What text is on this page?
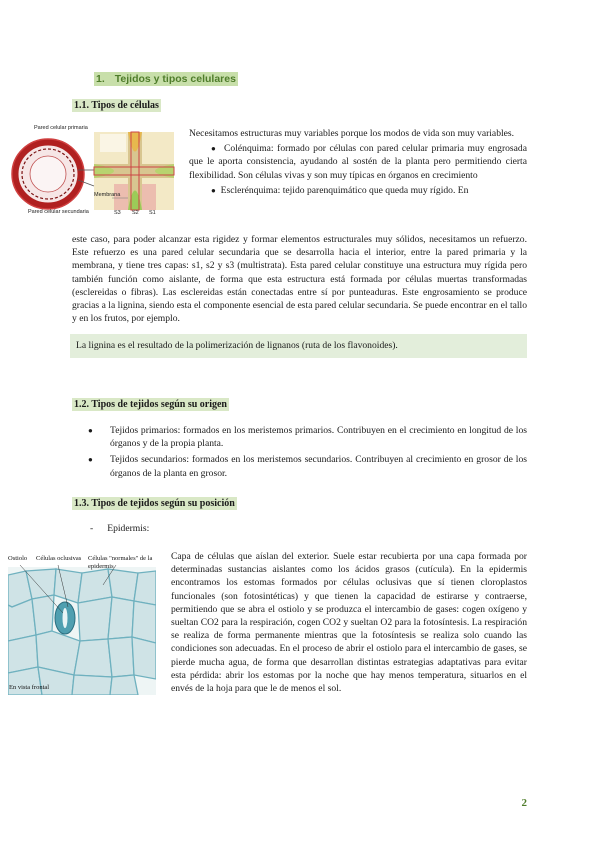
1. Tejidos y tipos celulares
1.1. Tipos de células
Pared celular primaria
Pared celular secundaria
Membrana
S3 S2 S1

Necesitamos estructuras muy variables porque los modos de vida son muy variables.

● Colénquima: formado por células con pared celular primaria muy engrosada que le aporta consistencia, ayudando al sostén de la planta pero permitiendo cierta flexibilidad. Son células vivas y son muy típicas en órganos en crecimiento

● Esclerénquima: tejido parenquimático que queda muy rígido. En

este caso, para poder alcanzar esta rigidez y formar elementos estructurales muy sólidos, necesitamos un refuerzo. Este refuerzo es una pared celular secundaria que se desarrolla hacia el interior, entre la pared primaria y la membrana, y tiene tres capas: s1, s2 y s3 (multistrata). Esta pared celular constituye una estructura muy rígida pero también función como aislante, de forma que esta estructura está formada por células muertas transformadas (esclereidas o fibras). Las esclereidas están conectadas entre sí por punteaduras. Este engrosamiento se produce gracias a la lignina, siendo esta el componente esencial de esta pared celular secundaria. Se puede encontrar en el tallo y en los frutos, por ejemplo.
La lignina es el resultado de la polimerización de lignanos (ruta de los flavonoides).
1.2. Tipos de tejidos según su origen
● Tejidos primarios: formados en los meristemos primarios. Contribuyen en el crecimiento en longitud de los órganos y de la propia planta.
● Tejidos secundarios: formados en los meristemos secundarios. Contribuyen al crecimiento en grosor de los órganos de la planta en grosor.
1.3. Tipos de tejidos según su posición
- Epidermis:
Ostiolo Células oclusivas Células "normales" de la epidermis
En vista frontal
Capa de células que aíslan del exterior. Suele estar recubierta por una capa formada por determinadas sustancias aislantes como los ácidos grasos (cutícula). En la epidermis encontramos los estomas formados por células oclusivas que sí tienen cloroplastos funcionales (son fotosintéticas) y que tienen la capacidad de estirarse y contraerse, permitiendo que se abra el ostiolo y se produzca el intercambio de gases: cogen oxígeno y sueltan CO2 para la respiración, cogen CO2 y sueltan O2 para la fotosíntesis. La respiración se realiza de forma permanente mientras que la fotosíntesis se realiza solo cuando las condiciones son adecuadas. En el proceso de abrir el ostiolo para el intercambio de gases, se pierde mucha agua, de forma que desarrollan distintas estrategias adaptativas para evitar esta pérdida: abrir los estomas por la noche que hay menos temperatura, situarlos en el envés de la hoja para que le de menos el sol.
2
